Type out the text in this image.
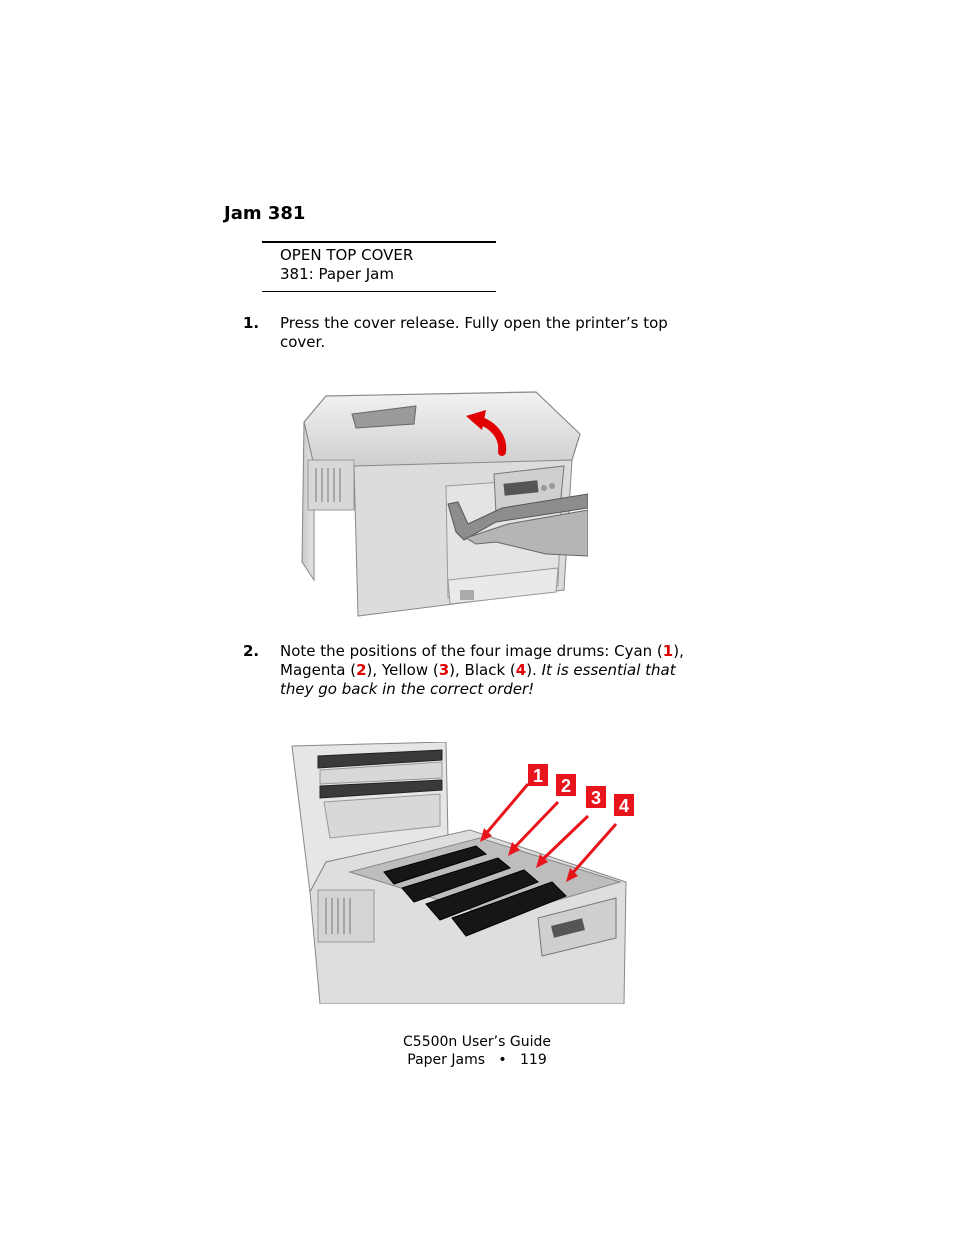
Jam 381
OPEN TOP COVER
381: Paper Jam
1. Press the cover release. Fully open the printer’s top
cover.
2. Note the positions of the four image drums: Cyan (1),
Magenta (2), Yellow (3), Black (4). It is essential that
they go back in the correct order!
1 2
3 4
C5500n User’s Guide
Paper Jams • 119
